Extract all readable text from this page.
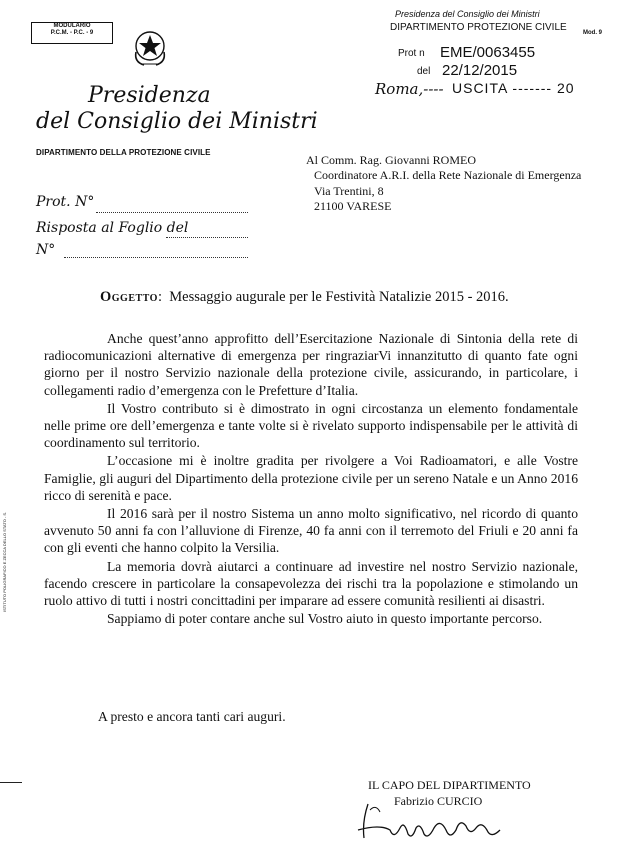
MODULARIO
P.C.M. - P.C. - 9
Presidenza
del Consiglio dei Ministri
DIPARTIMENTO DELLA PROTEZIONE CIVILE
Prot. N°
Risposta al Foglio del
N°
Presidenza del Consiglio dei Ministri
DIPARTIMENTO PROTEZIONE CIVILE	Mod. 9
Prot n EME/0063455
del 22/12/2015
Roma,---- USCITA ------- 20
Al Comm. Rag. Giovanni ROMEO
Coordinatore A.R.I. della Rete Nazionale di Emergenza
Via Trentini, 8
21100 VARESE
Oggetto:  Messaggio augurale per le Festività Natalizie 2015 - 2016.

Anche quest’anno approfitto dell’Esercitazione Nazionale di Sintonia della rete di radiocomunicazioni alternative di emergenza per ringraziarVi innanzitutto di quanto fate ogni giorno per il nostro Servizio nazionale della protezione civile, assicurando, in particolare, i collegamenti radio d’emergenza con le Prefetture d’Italia.

Il Vostro contributo si è dimostrato in ogni circostanza un elemento fondamentale nelle prime ore dell’emergenza e tante volte si è rivelato supporto indispensabile per le attività di coordinamento sul territorio.

L’occasione mi è inoltre gradita per rivolgere a Voi Radioamatori, e alle Vostre Famiglie, gli auguri del Dipartimento della protezione civile per un sereno Natale e un Anno 2016 ricco di serenità e pace.

Il 2016 sarà per il nostro Sistema un anno molto significativo, nel ricordo di quanto avvenuto 50 anni fa con l’alluvione di Firenze, 40 fa anni con il terremoto del Friuli e 20 anni fa con gli eventi che hanno colpito la Versilia.

La memoria dovrà aiutarci a continuare ad investire nel nostro Servizio nazionale, facendo crescere in particolare la consapevolezza dei rischi tra la popolazione e stimolando un ruolo attivo di tutti i nostri concittadini per imparare ad essere comunità resilienti ai disastri.

Sappiamo di poter contare anche sul Vostro aiuto in questo importante percorso.

A presto e ancora tanti cari auguri.
IL CAPO DEL DIPARTIMENTO
Fabrizio CURCIO
ISTITUTO POLIGRAFICO E ZECCA DELLO STATO - S.
